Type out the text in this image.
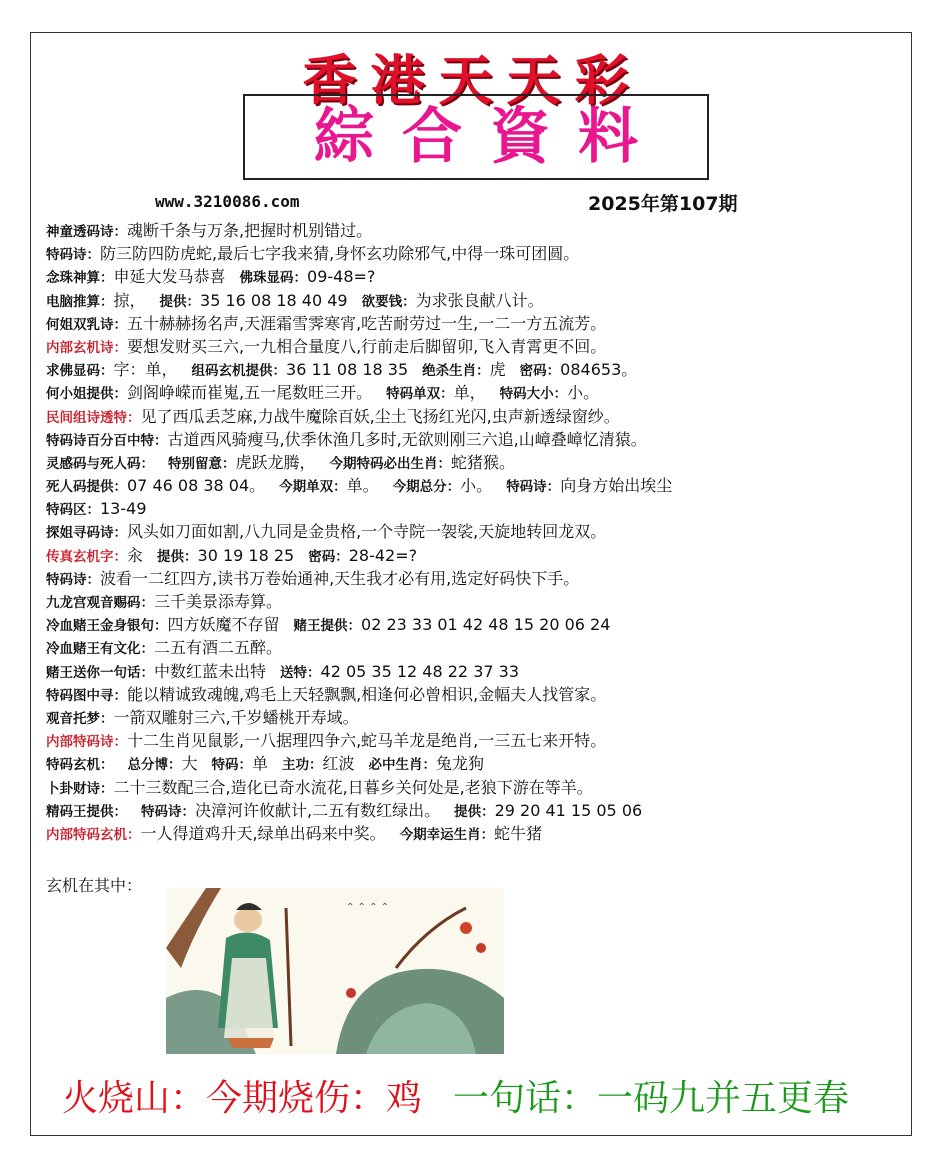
香港天天彩
綜合資料
www.3210086.com	2025年第107期
神童透码诗：魂断千条与万条,把握时机别错过。
特码诗：防三防四防虎蛇,最后七字我来猜,身怀玄功除邪气,中得一珠可团圆。
念珠神算：申延大发马恭喜 佛珠显码：09-48=?
电脑推算：掠， 提供：35 16 08 18 40 49 欲要钱：为求张良献八计。
何姐双乳诗：五十赫赫扬名声,天涯霜雪霁寒宵,吃苦耐劳过一生,一二一方五流芳。
内部玄机诗：要想发财买三六,一九相合量度八,行前走后脚留卯,飞入青霄更不回。
求佛显码：字：单， 组码玄机提供：36 11 08 18 35 绝杀生肖：虎 密码：084653。
何小姐提供：剑阁峥嵘而崔嵬,五一尾数旺三开。 特码单双：单， 特码大小：小。
民间组诗透特：见了西瓜丢芝麻,力战牛魔除百妖,尘土飞扬红光闪,虫声新透绿窗纱。
特码诗百分百中特：古道西风骑瘦马,伏季休渔几多时,无欲则刚三六追,山嶂叠嶂忆清猿。
灵感码与死人码： 特别留意：虎跃龙腾， 今期特码必出生肖：蛇猪猴。
死人码提供：07 46 08 38 04。 今期单双：单。 今期总分：小。 特码诗：向身方始出埃尘
特码区：13-49
探姐寻码诗：风头如刀面如割,八九同是金贵格,一个寺院一袈裟,天旋地转回龙双。
传真玄机字：汆 提供：30 19 18 25 密码：28-42=?
特码诗：波看一二红四方,读书万卷始通神,天生我才必有用,选定好码快下手。
九龙宫观音赐码：三千美景添寿算。
冷血赌王金身银句：四方妖魔不存留 赌王提供：02 23 33 01 42 48 15 20 06 24
冷血赌王有文化：二五有酒二五醉。
赌王送你一句话：中数红蓝未出特 送特：42 05 35 12 48 22 37 33
特码图中寻：能以精诚致魂魄,鸡毛上天轻飘飘,相逢何必曾相识,金幅夫人找管家。
观音托梦：一箭双雕射三六,千岁蟠桃开寿域。
内部特码诗：十二生肖见鼠影,一八据理四争六,蛇马羊龙是绝肖,一三五七来开特。
特码玄机： 总分博：大 特码：单 主功：红波 必中生肖：兔龙狗
卜卦财诗：二十三数配三合,造化已奇水流花,日暮乡关何处是,老狼下游在等羊。
精码王提供： 特码诗：决漳河许攸献计,二五有数红绿出。 提供：29 20 41 15 05 06
内部特码玄机：一人得道鸡升天,绿单出码来中奖。 今期幸运生肖：蛇牛猪
玄机在其中：
⌃ ⌃ ⌃ ⌃
火烧山：今期烧伤：鸡 一句话：一码九并五更春
